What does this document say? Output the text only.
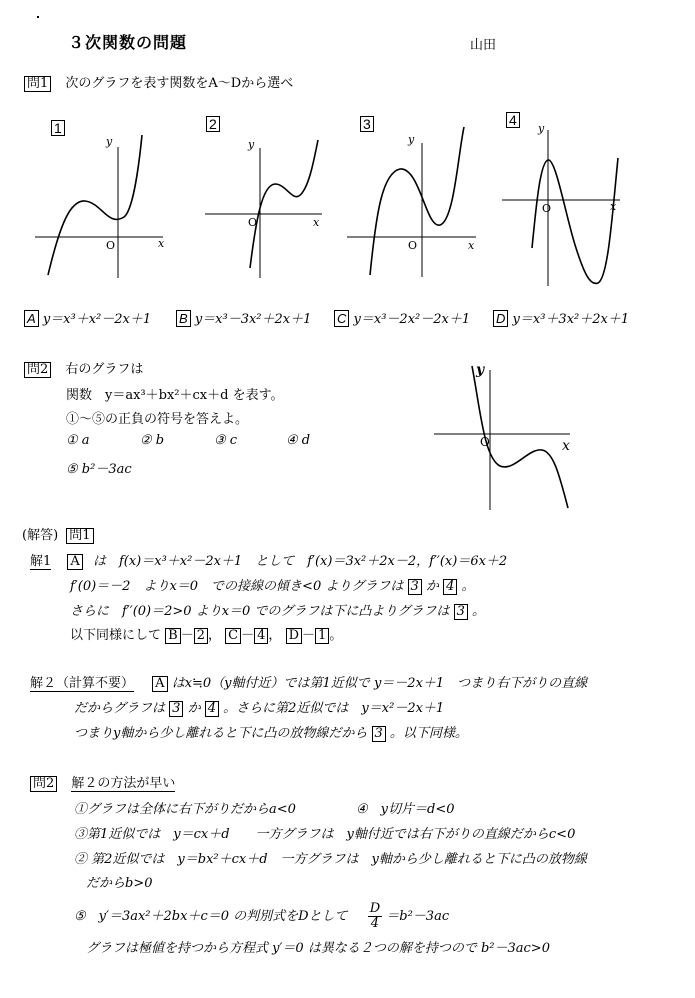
３次関数の問題	山田
問1 次のグラフを表す関数をA～Dから選べ
1
y
x
O
2
y
x
O
3
y
x
O
4
y
x
O
A y＝x³＋x²－2x＋1 B y＝x³－3x²＋2x＋1 C y＝x³－2x²－2x＋1 D y＝x³＋3x²＋2x＋1
問2 右のグラフは
関数　y＝ax³＋bx²＋cx＋d を表す。
①～⑤の正負の符号を答えよ。
① a	② b	③ c	④ d
⑤ b²－3ac
y
x
O
(解答) 問1
解1 A は　f(x)＝x³＋x²－2x＋1　として　f′(x)＝3x²＋2x－2，f′′(x)＝6x＋2
f′(0)＝－2　よりx＝0　での接線の傾き<0 よりグラフは 3 か 4 。
さらに　f′′(0)＝2>0 よりx＝0 でのグラフは下に凸よりグラフは 3 。
以下同様にして B － 2 ， C － 4 ， D － 1 。
解２（計算不要） A はx≒0（y軸付近）では第1近似で y＝－2x＋1　つまり右下がりの直線
だからグラフは 3 か 4 。さらに第2近似では　y＝x²－2x＋1
つまりy軸から少し離れると下に凸の放物線だから 3 。以下同様。
問2 解２の方法が早い
①グラフは全体に右下がりだからa<0	④　y切片＝d<0
③第1近似では　y＝cx＋d　　一方グラフは　y軸付近では右下がりの直線だからc<0
② 第2近似では　y＝bx²＋cx＋d　一方グラフは　y軸から少し離れると下に凸の放物線
だからb>0
⑤　y′＝3ax²＋2bx＋c＝0 の判別式をDとして $\frac{D}{4} =b^2-3ac$
グラフは極値を持つから方程式 y′＝0 は異なる２つの解を持つので b²－3ac>0
